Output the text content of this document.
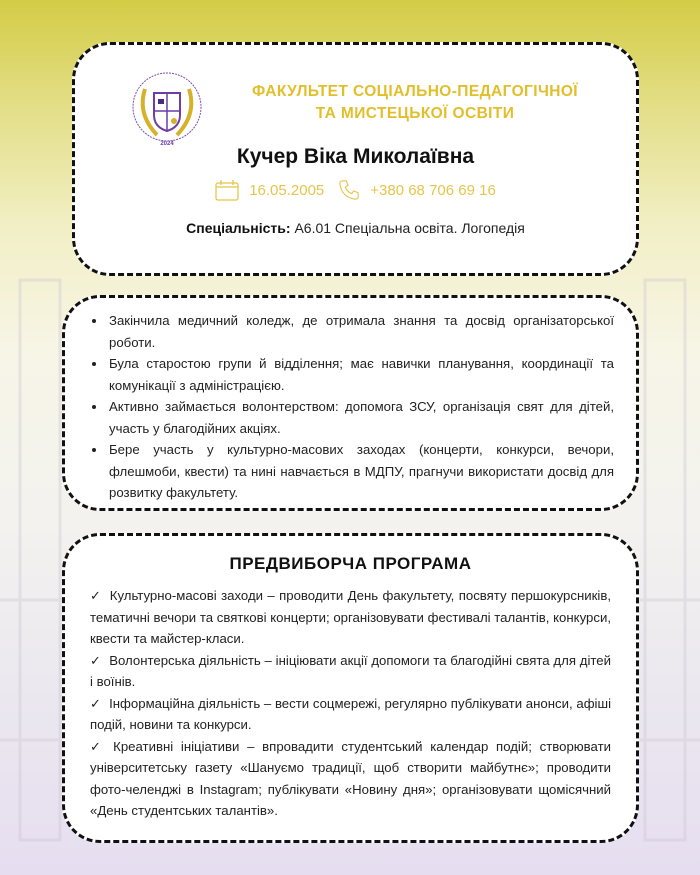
2024
ФАКУЛЬТЕТ СОЦІАЛЬНО-ПЕДАГОГІЧНОЇ
ТА МИСТЕЦЬКОЇ ОСВІТИ
Кучер Віка Миколаївна
16.05.2005	+380 68 706 69 16
Спеціальність: А6.01 Спеціальна освіта. Логопедія
• Закінчила медичний коледж, де отримала знання та досвід організаторської роботи.
• Була старостою групи й відділення; має навички планування, координації та комунікації з адміністрацією.
• Активно займається волонтерством: допомога ЗСУ, організація свят для дітей, участь у благодійних акціях.
• Бере участь у культурно-масових заходах (концерти, конкурси, вечори, флешмоби, квести) та нині навчається в МДПУ, прагнучи використати досвід для розвитку факультету.
ПРЕДВИБОРЧА ПРОГРАМА

✓ Культурно-масові заходи – проводити День факультету, посвяту першокурсників, тематичні вечори та святкові концерти; організовувати фестивалі талантів, конкурси, квести та майстер-класи.

✓ Волонтерська діяльність – ініціювати акції допомоги та благодійні свята для дітей і воїнів.

✓ Інформаційна діяльність – вести соцмережі, регулярно публікувати анонси, афіші подій, новини та конкурси.

✓ Креативні ініціативи – впровадити студентський календар подій; створювати університетську газету «Шануємо традиції, щоб створити майбутнє»; проводити фото-челенджі в Instagram; публікувати «Новину дня»; організовувати щомісячний «День студентських талантів».
